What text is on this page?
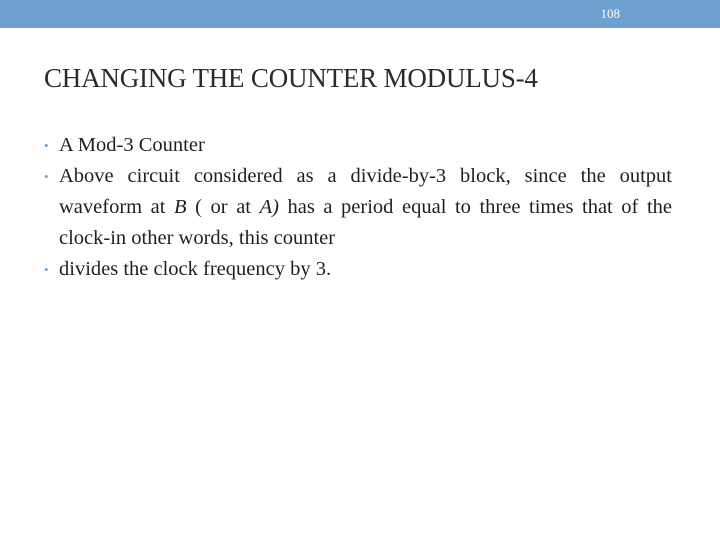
108
CHANGING THE COUNTER MODULUS-4
• A Mod-3 Counter
• Above circuit considered as a divide-by-3 block, since the output waveform at B ( or at A) has a period equal to three times that of the clock-in other words, this counter
• divides the clock frequency by 3.
